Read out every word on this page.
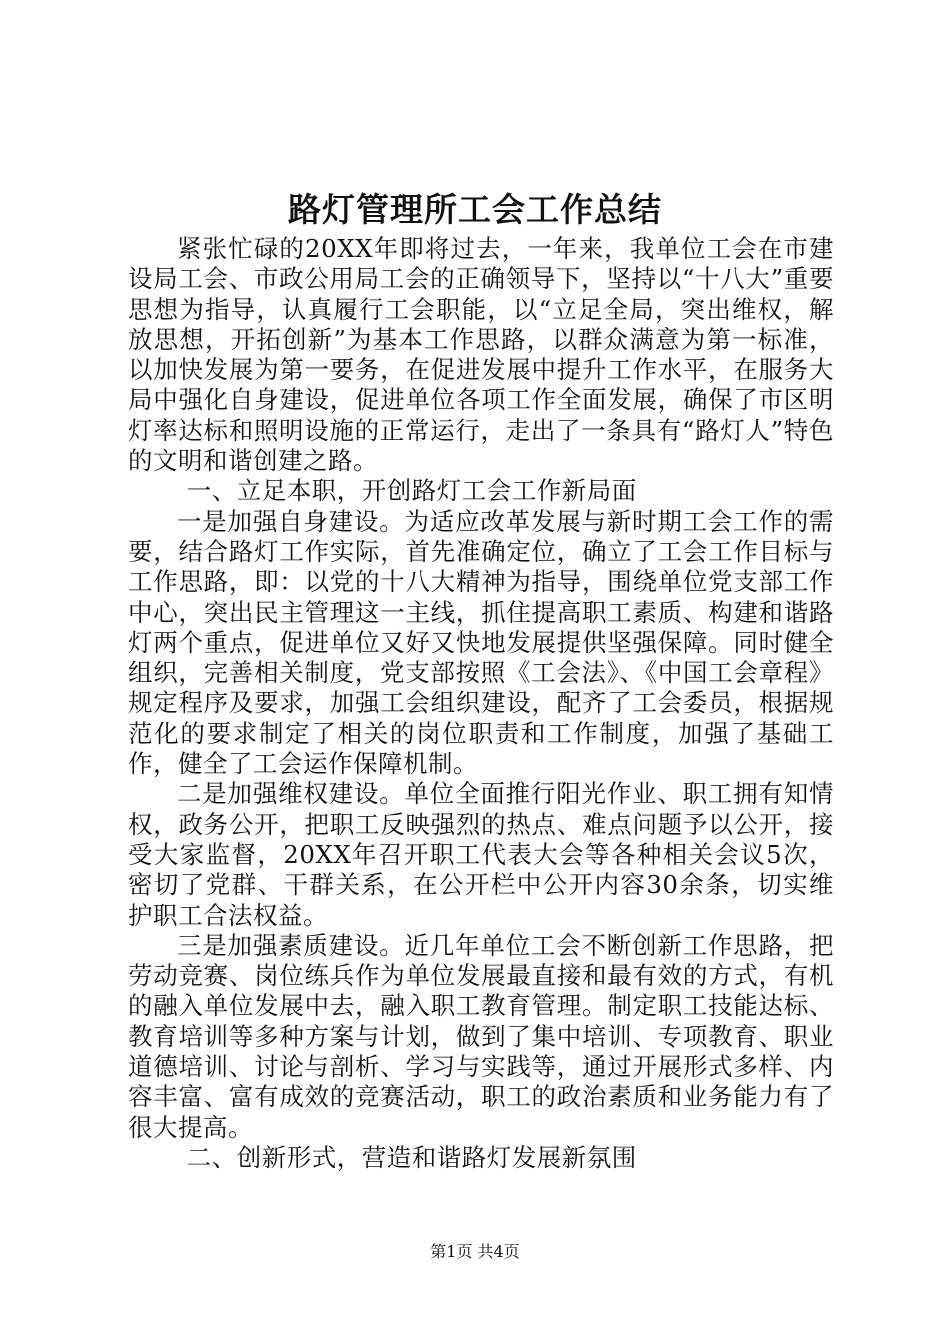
路灯管理所工会工作总结

紧张忙碌的20XX年即将过去，一年来，我单位工会在市建设局工会、市政公用局工会的正确领导下，坚持以“十八大”重要思想为指导，认真履行工会职能，以“立足全局，突出维权，解放思想，开拓创新”为基本工作思路，以群众满意为第一标准，以加快发展为第一要务，在促进发展中提升工作水平，在服务大局中强化自身建设，促进单位各项工作全面发展，确保了市区明灯率达标和照明设施的正常运行，走出了一条具有“路灯人”特色的文明和谐创建之路。

一、立足本职，开创路灯工会工作新局面

一是加强自身建设。为适应改革发展与新时期工会工作的需要，结合路灯工作实际，首先准确定位，确立了工会工作目标与工作思路，即：以党的十八大精神为指导，围绕单位党支部工作中心，突出民主管理这一主线，抓住提高职工素质、构建和谐路灯两个重点，促进单位又好又快地发展提供坚强保障。同时健全组织，完善相关制度，党支部按照《工会法》、《中国工会章程》规定程序及要求，加强工会组织建设，配齐了工会委员，根据规范化的要求制定了相关的岗位职责和工作制度，加强了基础工作，健全了工会运作保障机制。

二是加强维权建设。单位全面推行阳光作业、职工拥有知情权，政务公开，把职工反映强烈的热点、难点问题予以公开，接受大家监督，20XX年召开职工代表大会等各种相关会议5次，密切了党群、干群关系，在公开栏中公开内容30余条，切实维护职工合法权益。

三是加强素质建设。近几年单位工会不断创新工作思路，把劳动竞赛、岗位练兵作为单位发展最直接和最有效的方式，有机的融入单位发展中去，融入职工教育管理。制定职工技能达标、教育培训等多种方案与计划，做到了集中培训、专项教育、职业道德培训、讨论与剖析、学习与实践等，通过开展形式多样、内容丰富、富有成效的竞赛活动，职工的政治素质和业务能力有了很大提高。

二、创新形式，营造和谐路灯发展新氛围

第1页 共4页
